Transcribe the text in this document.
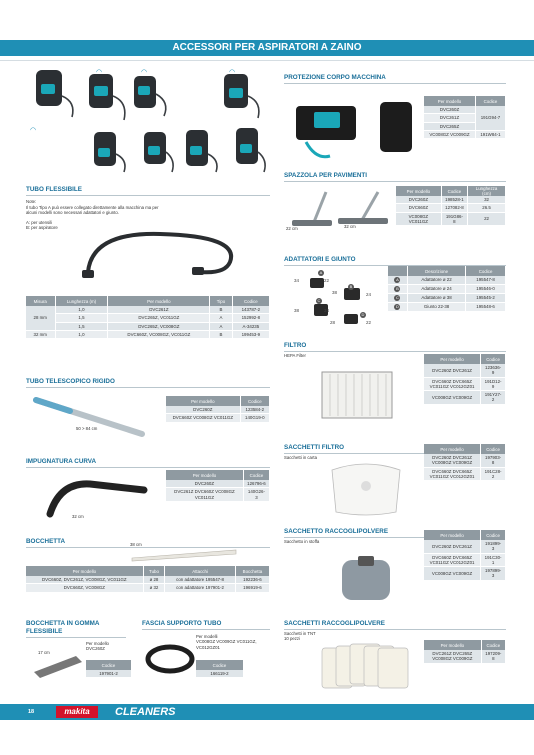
ACCESSORI PER ASPIRATORI A ZAINO
◠	◠	◠
◠
TUBO FLESSIBILE
Note:
Il tubo Tipo A può essere collegato direttamente alla macchina ma per alcuni modelli sono necessari adattatori e giunto.
A: per utensili
B: per aspiratore
Misura	Lunghezza (m)	Per modello	Tipo	Codice
28 mm	1,0	DVC261Z	B	143787-2
	1,5	DVC265Z, VC011GZ	A	152992-8
	1,5	DVC265Z, VC008GZ	A	A-34235
32 mm	1,0	DVC660Z, VC008GZ, VC011GZ	B	199453-9
TUBO TELESCOPICO RIGIDO
50 > 84 cm
Per modello	Codice
DVC260Z	123584-2
DVC660Z VC008GZ VC011GZ	140G19-0
IMPUGNATURA CURVA
32 cm
Per modello	Codice
DVC260Z	126796-6
DVC261Z DVC660Z VC008GZ VC011GZ	140G26-3
BOCCHETTA	38 cm
Per modello	Tubo	Attacchi	Bocchetta
DVC660Z, DVC261Z, VC008GZ, VC011GZ	ø 28	con adattatore 195547-8	192236-6
DVC660Z, VC008GZ	ø 32	con adattatore 197901-2	196919-6
BOCCHETTA IN GOMMA FLESSIBILE
17 cm
Per modello
DVC260Z
Codice
197901-2
FASCIA SUPPORTO TUBO
Per modelli
VC008GZ VC009GZ VC011GZ, VC012GZ01
Codice
166119-2
PROTEZIONE CORPO MACCHINA
Per modello	Codice
DVC260Z	191G94-7
DVC261Z	
DVC265Z	
VC008GZ VC009GZ	191W84-1
SPAZZOLA PER PAVIMENTI
22 cm	32 cm
Per modello	Codice	Lunghezza (cm)
DVC260Z	198528-1	32
DVC660Z	127082-8	26.5
VC008GZ VC011GZ	191G86-8	22
ADATTATORI E GIUNTO
A
34	22
B
38	24
C
38	34
D
28	22
	Descrizione	Codice
A	Adattatore ø 22	195547-8
B	Adattatore ø 24	195546-0
C	Adattatore ø 38	195545-2
D	Giunto 22-38	195548-6
FILTRO
HEPA Filter
Per modello	Codice
DVC260Z DVC261Z	123636-9
DVC660Z DVC665Z VC011GZ VC012GZ01	191D12-9
VC008GZ VC009GZ	191Y27-2
SACCHETTI FILTRO
Sacchetti in carta
Per modello	Codice
DVC260Z DVC261Z VC008GZ VC009GZ	197903-8
DVC660Z DVC665Z VC011GZ VC012GZ01	191C28-2
SACCHETTO RACCOGLIPOLVERE
Sacchetto in stoffa
Per modello	Codice
DVC260Z DVC261Z	191899-3
DVC660Z DVC665Z VC011GZ VC012GZ01	191C30-1
VC008GZ VC009GZ	197899-3
SACCHETTI RACCOGLIPOLVERE
Sacchetti in TNT
10 pezzi
Per modello	Codice
DVC261Z DVC265Z VC008GZ VC009GZ	197209-8
18	makita	CLEANERS
